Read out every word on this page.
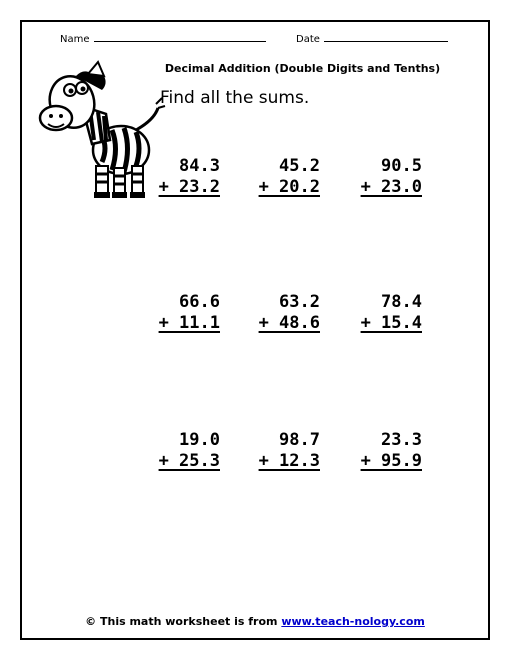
Name	Date
Decimal Addition (Double Digits and Tenths)
Find all the sums.
84.3
+ 23.2
45.2
+ 20.2
90.5
+ 23.0
66.6
+ 11.1
63.2
+ 48.6
78.4
+ 15.4
19.0
+ 25.3
98.7
+ 12.3
23.3
+ 95.9
© This math worksheet is from www.teach-nology.com
